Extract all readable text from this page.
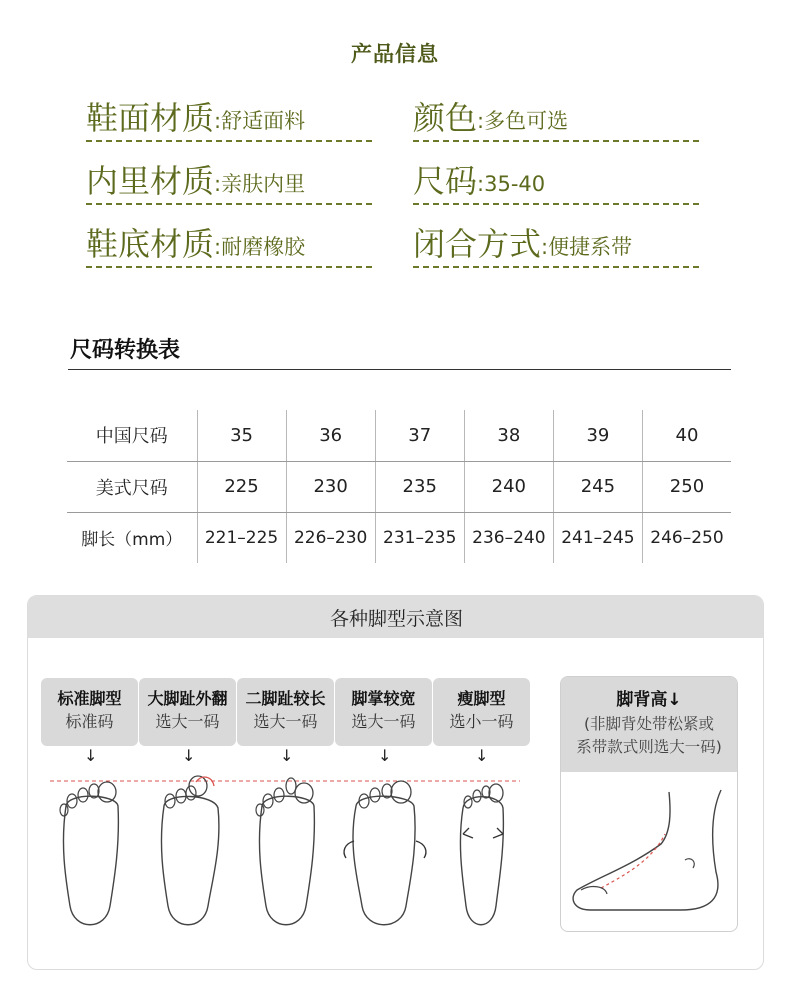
产品信息
鞋面材质 :舒适面料	颜色 :多色可选
内里材质 :亲肤内里	尺码 :35-40
鞋底材质 :耐磨橡胶	闭合方式 :便捷系带
尺码转换表
中国尺码	35	36	37	38	39	40
美式尺码	225	230	235	240	245	250
脚长（mm）	221–225	226–230	231–235	236–240	241–245	246–250
各种脚型示意图
标准脚型
标准码
大脚趾外翻
选大一码
二脚趾较长
选大一码
脚掌较宽
选大一码
瘦脚型
选小一码
↓	↓	↓	↓	↓
脚背高↓
(非脚背处带松紧或
系带款式则选大一码)
